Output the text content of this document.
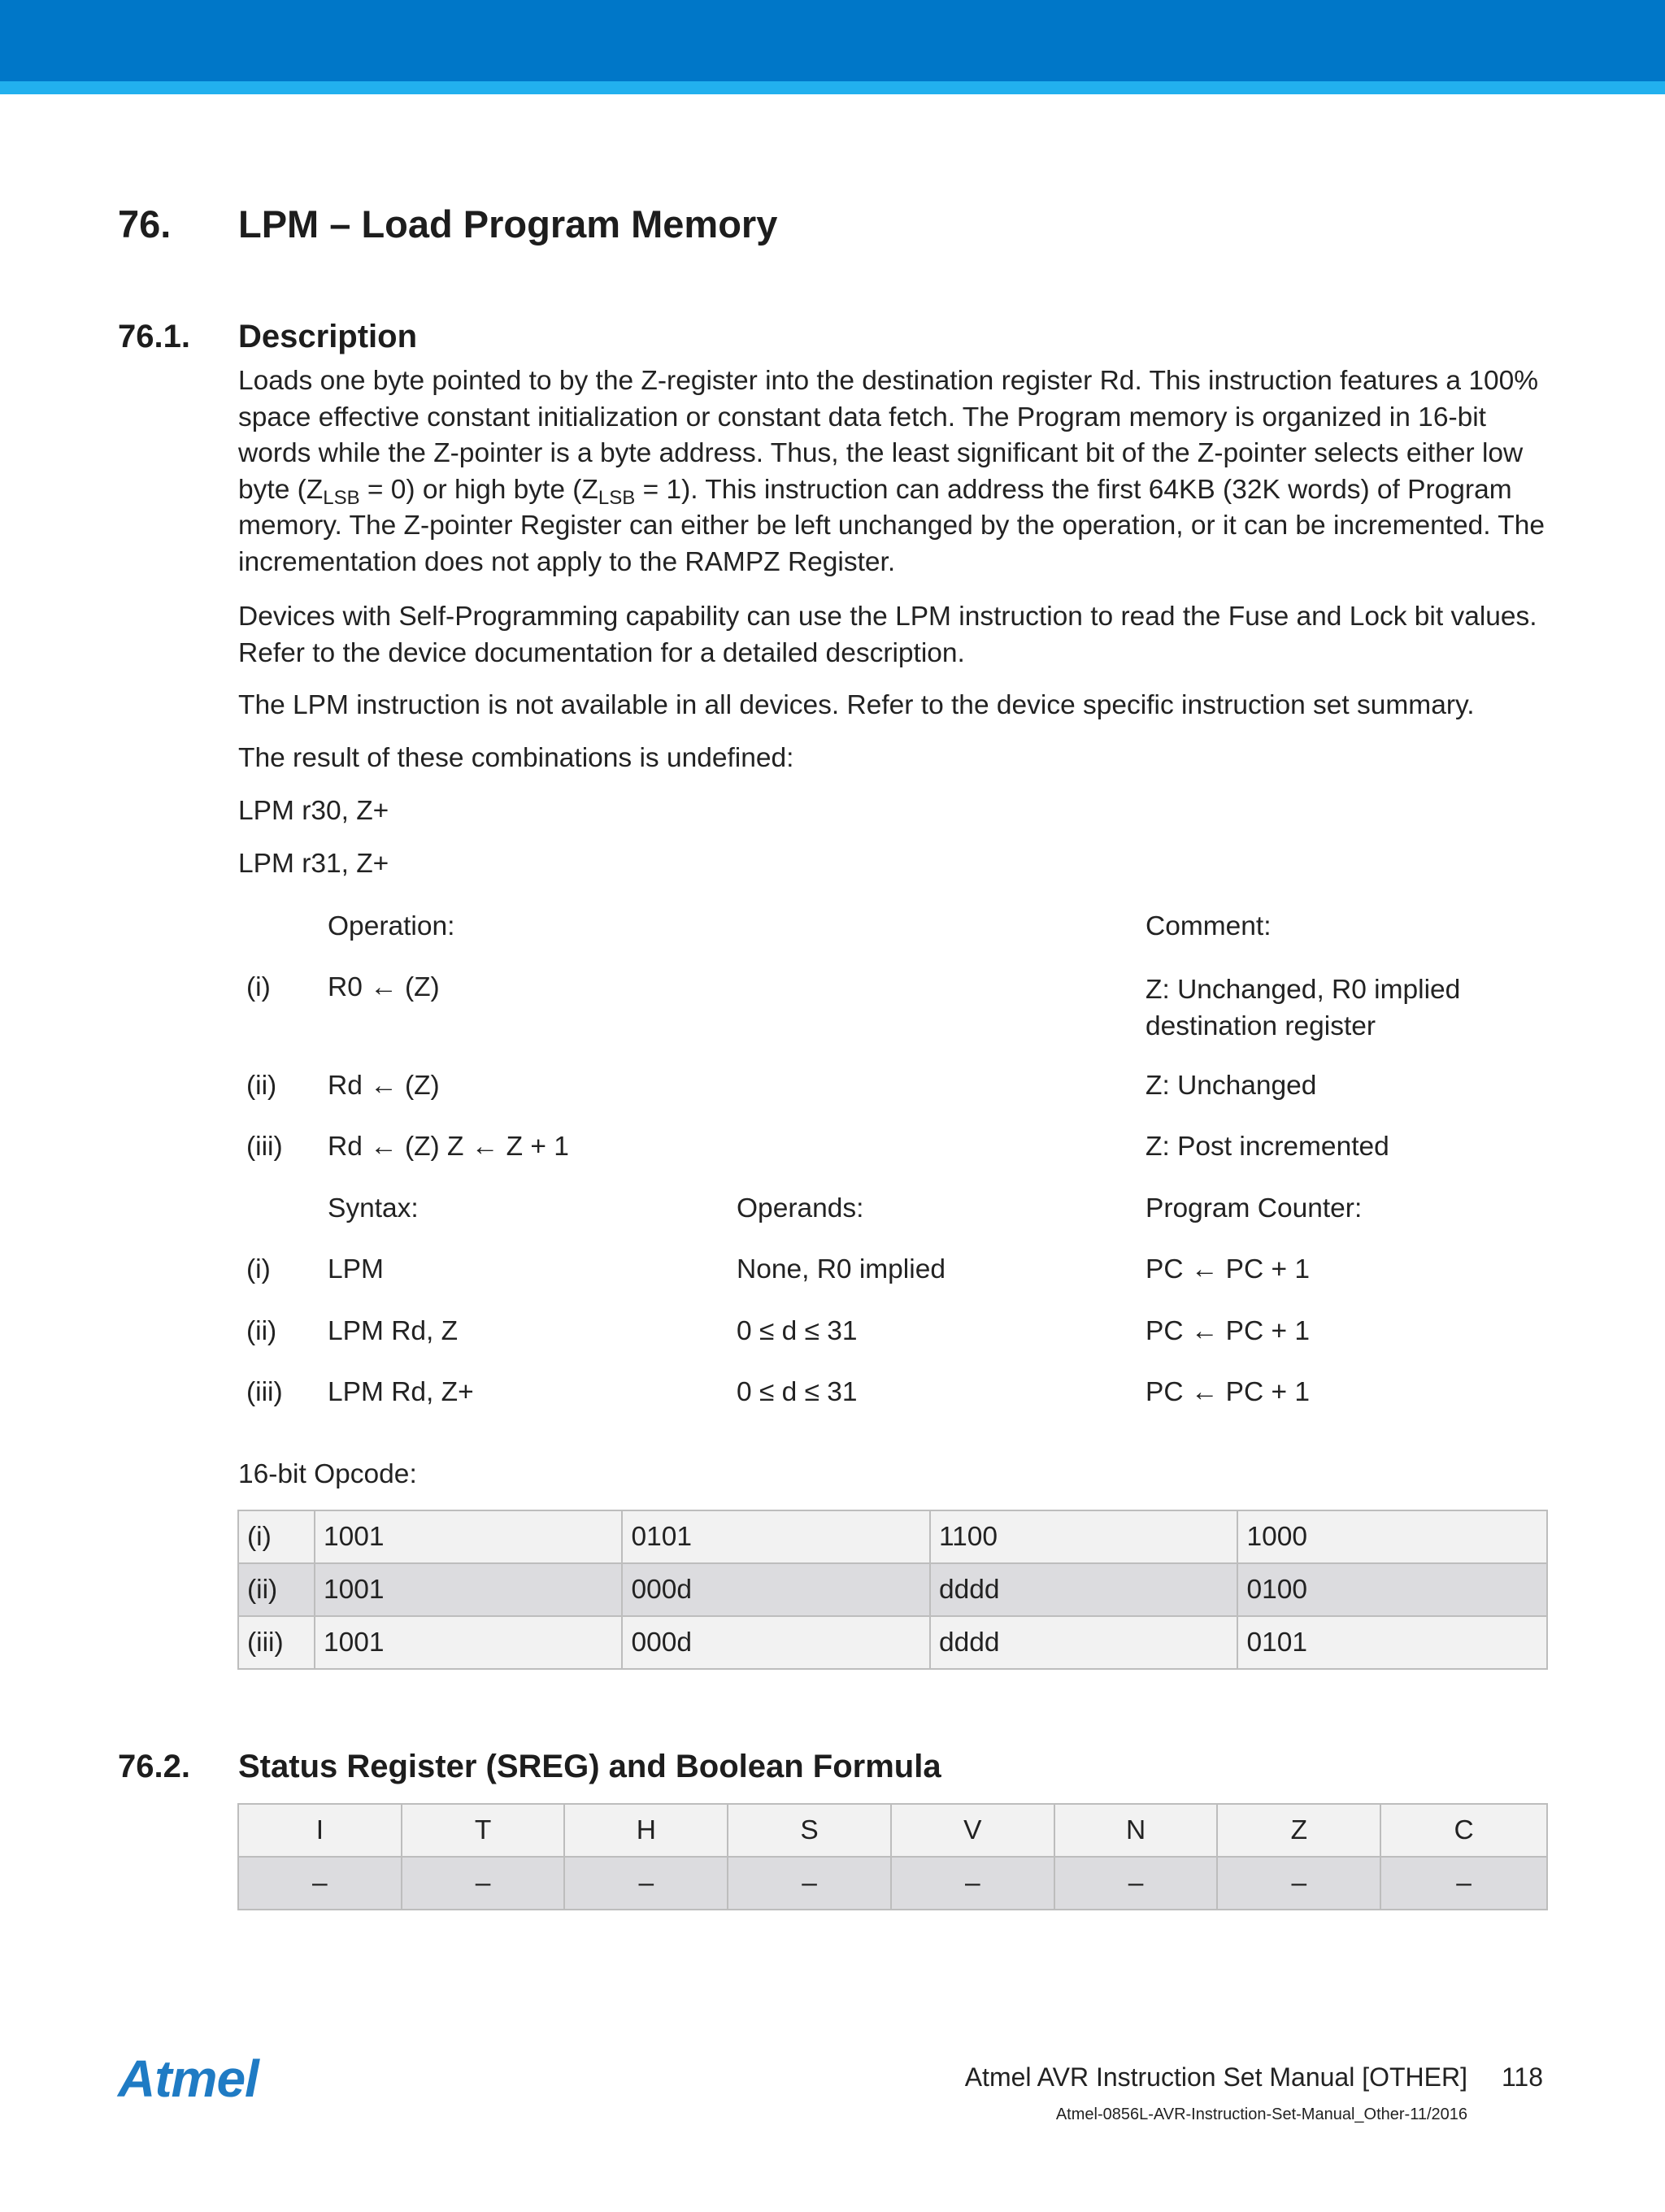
76. LPM – Load Program Memory
76.1. Description

Loads one byte pointed to by the Z-register into the destination register Rd. This instruction features a 100% space effective constant initialization or constant data fetch. The Program memory is organized in 16-bit words while the Z-pointer is a byte address. Thus, the least significant bit of the Z-pointer selects either low byte $(Z_{LSB} = 0)$ or high byte $(Z_{LSB} = 1)$. This instruction can address the first 64KB (32K words) of Program memory. The Z-pointer Register can either be left unchanged by the operation, or it can be incremented. The incrementation does not apply to the RAMPZ Register.

Devices with Self-Programming capability can use the LPM instruction to read the Fuse and Lock bit values. Refer to the device documentation for a detailed description.

The LPM instruction is not available in all devices. Refer to the device specific instruction set summary.

The result of these combinations is undefined:

LPM r30, Z+

LPM r31, Z+

Operation:	Comment:
(i) R0 ← (Z)	Z: Unchanged, R0 implied destination register
(ii) Rd ← (Z)	Z: Unchanged
(iii) Rd ← (Z) Z ← Z + 1	Z: Post incremented
Syntax:	Operands:	Program Counter:
(i) LPM	None, R0 implied	PC ← PC + 1
(ii) LPM Rd, Z	0 ≤ d ≤ 31	PC ← PC + 1
(iii) LPM Rd, Z+	0 ≤ d ≤ 31	PC ← PC + 1
16-bit Opcode:
(i)	1001	0101	1100	1000
(ii)	1001	000d	dddd	0100
(iii)	1001	000d	dddd	0101
76.2. Status Register (SREG) and Boolean Formula
I	T	H	S	V	N	Z	C
–	–	–	–	–	–	–	–
Atmel	Atmel AVR Instruction Set Manual [OTHER] 118
Atmel-0856L-AVR-Instruction-Set-Manual_Other-11/2016
